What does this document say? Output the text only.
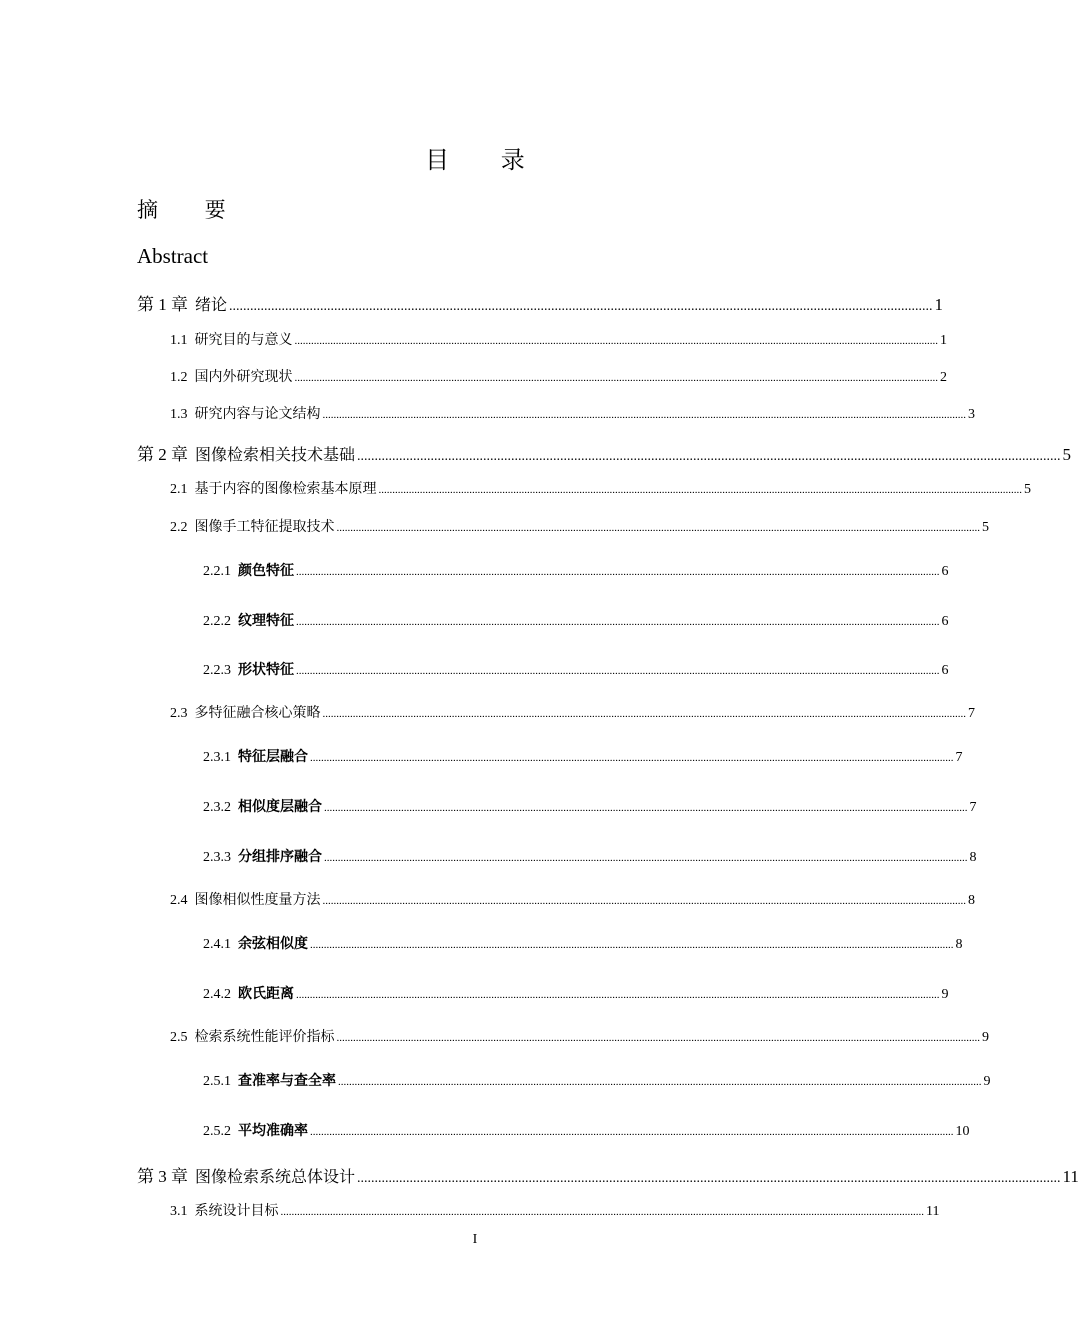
目 录
摘 要
Abstract
第 1 章 绪论 ......................................................................................................................................................................................................... 1
1.1 研究目的与意义 .......................................................................................................................................................................................................................................... 1
1.2 国内外研究现状 .......................................................................................................................................................................................................................................... 2
1.3 研究内容与论文结构 .......................................................................................................................................................................................................................................... 3
第 2 章 图像检索相关技术基础 ......................................................................................................................................................................................................... 5
2.1 基于内容的图像检索基本原理 .......................................................................................................................................................................................................................................... 5
2.2 图像手工特征提取技术 .......................................................................................................................................................................................................................................... 5
2.2.1 颜色特征 .......................................................................................................................................................................................................................................... 6
2.2.2 纹理特征 .......................................................................................................................................................................................................................................... 6
2.2.3 形状特征 .......................................................................................................................................................................................................................................... 6
2.3 多特征融合核心策略 .......................................................................................................................................................................................................................................... 7
2.3.1 特征层融合 .......................................................................................................................................................................................................................................... 7
2.3.2 相似度层融合 .......................................................................................................................................................................................................................................... 7
2.3.3 分组排序融合 .......................................................................................................................................................................................................................................... 8
2.4 图像相似性度量方法 .......................................................................................................................................................................................................................................... 8
2.4.1 余弦相似度 .......................................................................................................................................................................................................................................... 8
2.4.2 欧氏距离 .......................................................................................................................................................................................................................................... 9
2.5 检索系统性能评价指标 .......................................................................................................................................................................................................................................... 9
2.5.1 查准率与查全率 .......................................................................................................................................................................................................................................... 9
2.5.2 平均准确率 .......................................................................................................................................................................................................................................... 10
第 3 章 图像检索系统总体设计 ......................................................................................................................................................................................................... 11
3.1 系统设计目标 .......................................................................................................................................................................................................................................... 11
I
